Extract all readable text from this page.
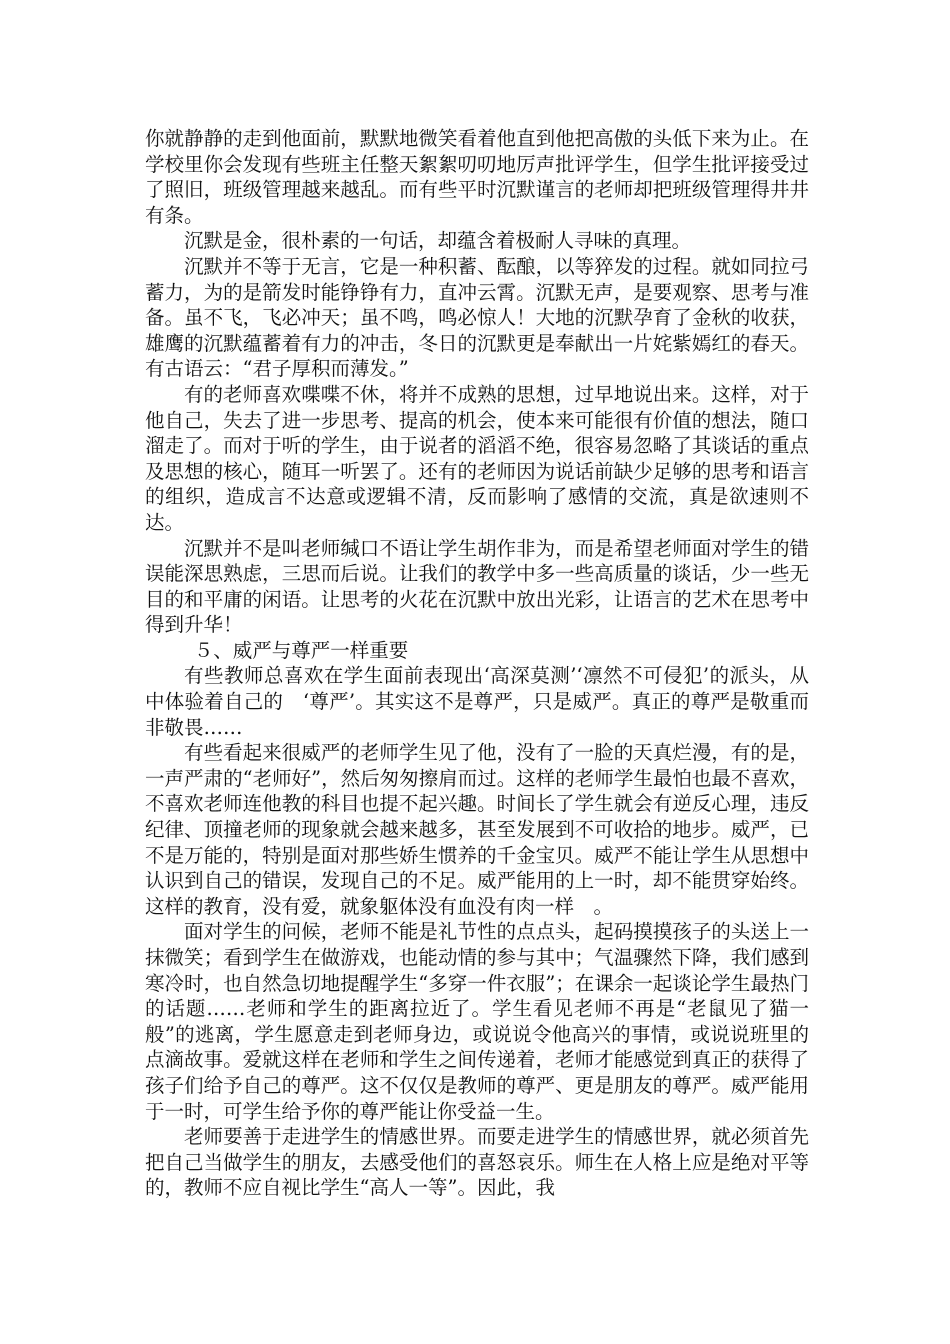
你就静静的走到他面前，默默地微笑看着他直到他把高傲的头低下来为止。在学校里你会发现有些班主任整天絮絮叨叨地厉声批评学生，但学生批评接受过了照旧，班级管理越来越乱。而有些平时沉默谨言的老师却把班级管理得井井有条。

沉默是金，很朴素的一句话，却蕴含着极耐人寻味的真理。

沉默并不等于无言，它是一种积蓄、酝酿，以等猝发的过程。就如同拉弓蓄力，为的是箭发时能铮铮有力，直冲云霄。沉默无声，是要观察、思考与准备。虽不飞，飞必冲天；虽不鸣，鸣必惊人！大地的沉默孕育了金秋的收获，雄鹰的沉默蕴蓄着有力的冲击，冬日的沉默更是奉献出一片姹紫嫣红的春天。有古语云：“君子厚积而薄发。”

有的老师喜欢喋喋不休，将并不成熟的思想，过早地说出来。这样，对于他自己，失去了进一步思考、提高的机会，使本来可能很有价值的想法，随口溜走了。而对于听的学生，由于说者的滔滔不绝，很容易忽略了其谈话的重点及思想的核心，随耳一听罢了。还有的老师因为说话前缺少足够的思考和语言的组织，造成言不达意或逻辑不清，反而影响了感情的交流，真是欲速则不达。

沉默并不是叫老师缄口不语让学生胡作非为，而是希望老师面对学生的错误能深思熟虑，三思而后说。让我们的教学中多一些高质量的谈话，少一些无目的和平庸的闲语。让思考的火花在沉默中放出光彩，让语言的艺术在思考中得到升华！

５、威严与尊严一样重要

有些教师总喜欢在学生面前表现出‘高深莫测’‘凛然不可侵犯’的派头，从中体验着自己的　‘尊严’。其实这不是尊严，只是威严。真正的尊严是敬重而非敬畏……

有些看起来很威严的老师学生见了他，没有了一脸的天真烂漫，有的是，一声严肃的“老师好”，然后匆匆擦肩而过。这样的老师学生最怕也最不喜欢，不喜欢老师连他教的科目也提不起兴趣。时间长了学生就会有逆反心理，违反纪律、顶撞老师的现象就会越来越多，甚至发展到不可收拾的地步。威严，已不是万能的，特别是面对那些娇生惯养的千金宝贝。威严不能让学生从思想中认识到自己的错误，发现自己的不足。威严能用的上一时，却不能贯穿始终。这样的教育，没有爱，就象躯体没有血没有肉一样　。

面对学生的问候，老师不能是礼节性的点点头，起码摸摸孩子的头送上一抹微笑；看到学生在做游戏，也能动情的参与其中；气温骤然下降，我们感到寒冷时，也自然急切地提醒学生“多穿一件衣服”；在课余一起谈论学生最热门的话题……老师和学生的距离拉近了。学生看见老师不再是“老鼠见了猫一般”的逃离，学生愿意走到老师身边，或说说令他高兴的事情，或说说班里的点滴故事。爱就这样在老师和学生之间传递着，老师才能感觉到真正的获得了孩子们给予自己的尊严。这不仅仅是教师的尊严、更是朋友的尊严。威严能用于一时，可学生给予你的尊严能让你受益一生。

老师要善于走进学生的情感世界。而要走进学生的情感世界，就必须首先把自己当做学生的朋友，去感受他们的喜怒哀乐。师生在人格上应是绝对平等的，教师不应自视比学生“高人一等”。因此，我
